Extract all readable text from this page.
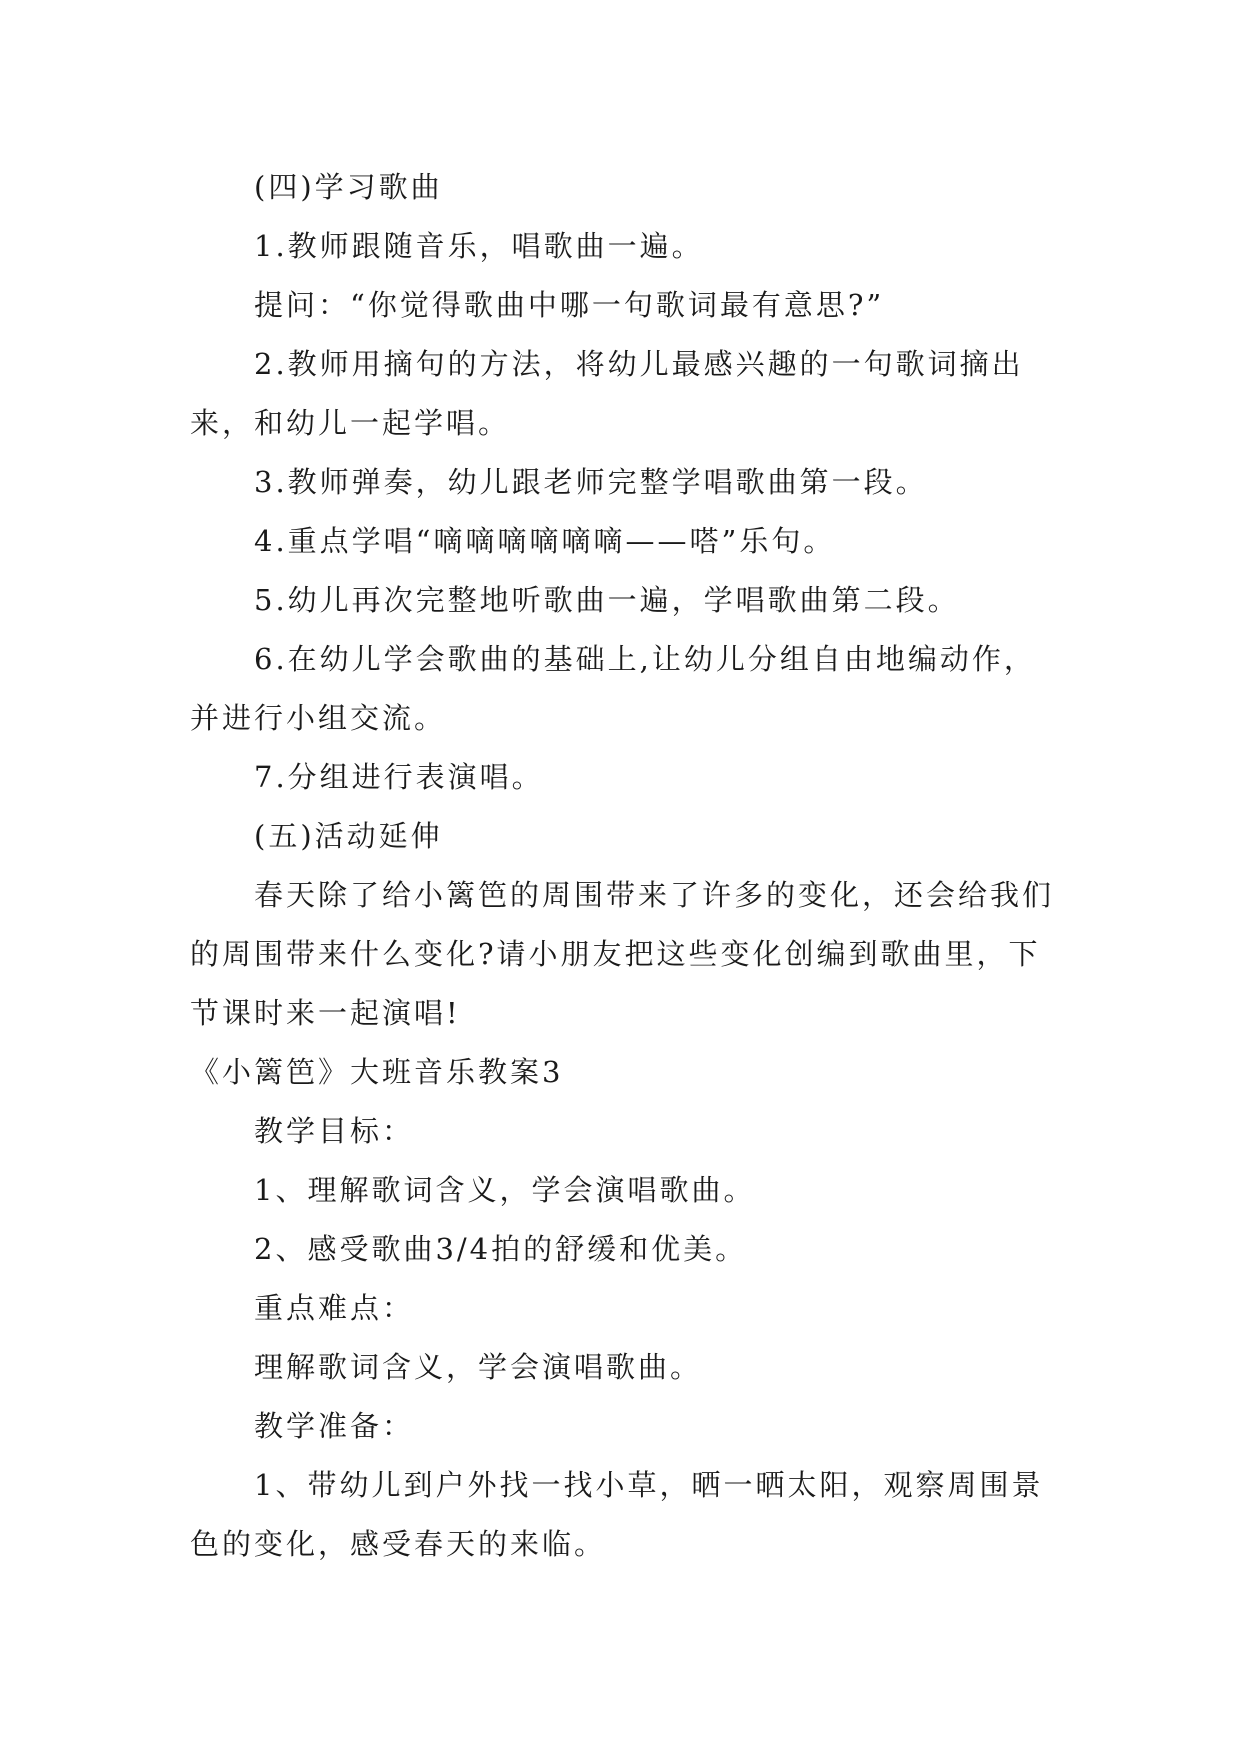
(四)学习歌曲

1.教师跟随音乐，唱歌曲一遍。

提问：“你觉得歌曲中哪一句歌词最有意思?”

2.教师用摘句的方法，将幼儿最感兴趣的一句歌词摘出来，和幼儿一起学唱。

3.教师弹奏，幼儿跟老师完整学唱歌曲第一段。

4.重点学唱“嘀嘀嘀嘀嘀嘀——嗒”乐句。

5.幼儿再次完整地听歌曲一遍，学唱歌曲第二段。

6.在幼儿学会歌曲的基础上,让幼儿分组自由地编动作，并进行小组交流。

7.分组进行表演唱。

(五)活动延伸

春天除了给小篱笆的周围带来了许多的变化，还会给我们的周围带来什么变化?请小朋友把这些变化创编到歌曲里，下节课时来一起演唱!

《小篱笆》大班音乐教案3

教学目标：

1、理解歌词含义，学会演唱歌曲。

2、感受歌曲3/4拍的舒缓和优美。

重点难点：

理解歌词含义，学会演唱歌曲。

教学准备：

1、带幼儿到户外找一找小草，晒一晒太阳，观察周围景色的变化，感受春天的来临。
